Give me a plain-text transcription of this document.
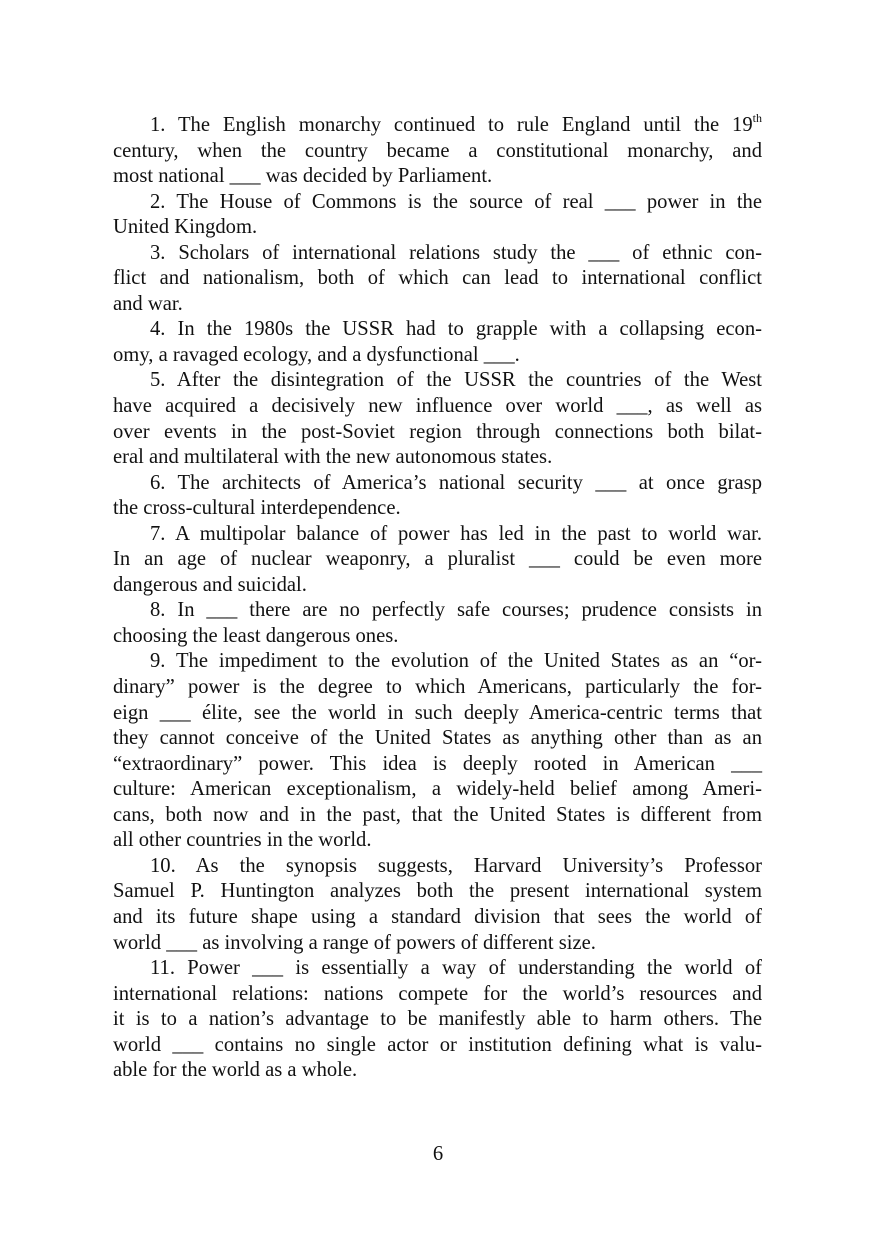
1. The English monarchy continued to rule England until the 19th
century, when the country became a constitutional monarchy, and
most national ___ was decided by Parliament.
2. The House of Commons is the source of real ___ power in the
United Kingdom.
3. Scholars of international relations study the ___ of ethnic con-
flict and nationalism, both of which can lead to international conflict
and war.
4. In the 1980s the USSR had to grapple with a collapsing econ-
omy, a ravaged ecology, and a dysfunctional ___.
5. After the disintegration of the USSR the countries of the West
have acquired a decisively new influence over world ___, as well as
over events in the post-Soviet region through connections both bilat-
eral and multilateral with the new autonomous states.
6. The architects of America’s national security ___ at once grasp
the cross-cultural interdependence.
7. A multipolar balance of power has led in the past to world war.
In an age of nuclear weaponry, a pluralist ___ could be even more
dangerous and suicidal.
8. In ___ there are no perfectly safe courses; prudence consists in
choosing the least dangerous ones.
9. The impediment to the evolution of the United States as an “or-
dinary” power is the degree to which Americans, particularly the for-
eign ___ élite, see the world in such deeply America-centric terms that
they cannot conceive of the United States as anything other than as an
“extraordinary” power. This idea is deeply rooted in American ___
culture: American exceptionalism, a widely-held belief among Ameri-
cans, both now and in the past, that the United States is different from
all other countries in the world.
10. As the synopsis suggests, Harvard University’s Professor
Samuel P. Huntington analyzes both the present international system
and its future shape using a standard division that sees the world of
world ___ as involving a range of powers of different size.
11. Power ___ is essentially a way of understanding the world of
international relations: nations compete for the world’s resources and
it is to a nation’s advantage to be manifestly able to harm others. The
world ___ contains no single actor or institution defining what is valu-
able for the world as a whole.
6
